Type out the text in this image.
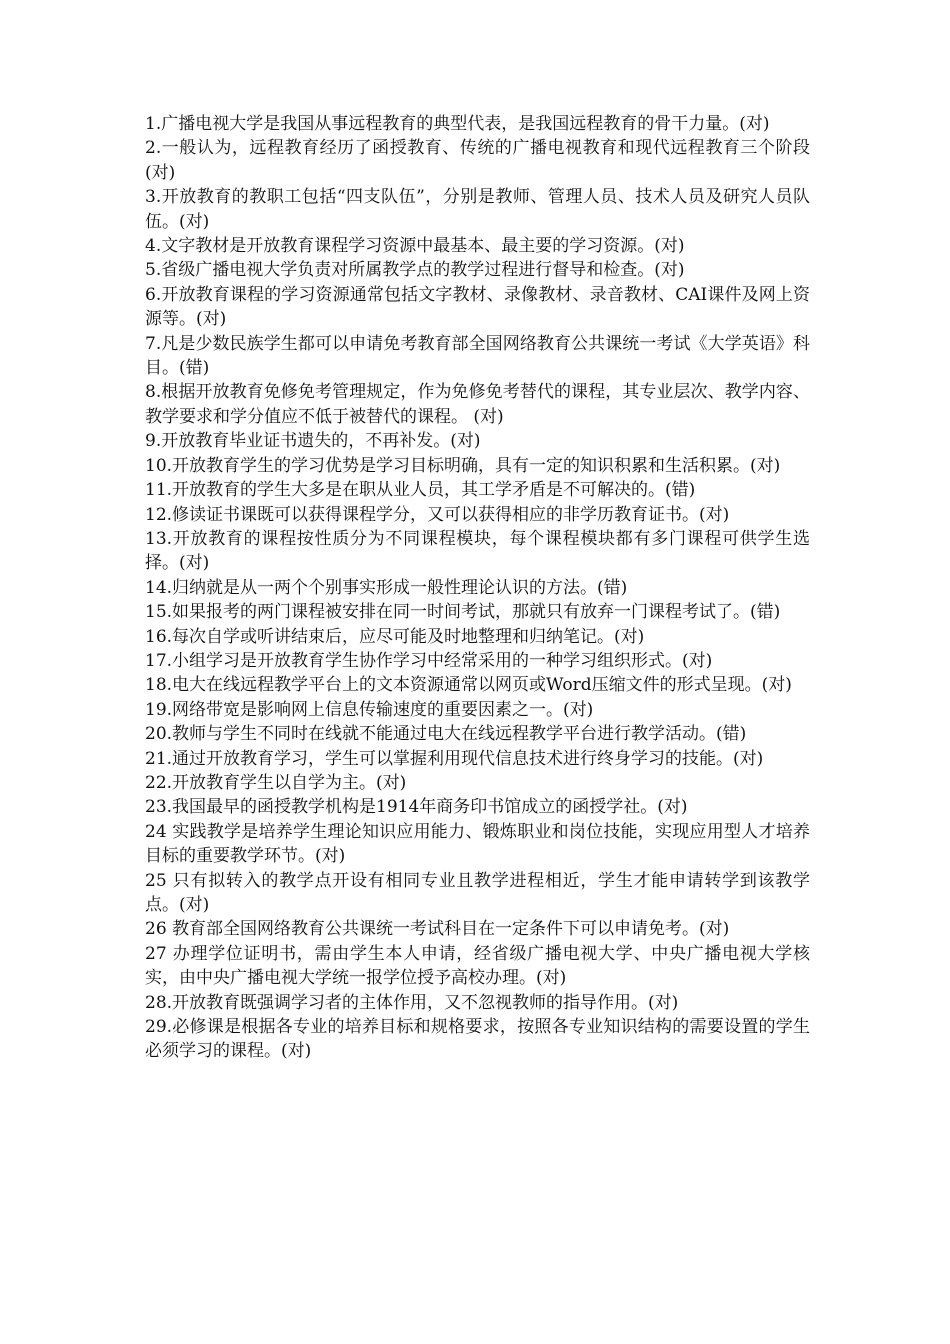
1.广播电视大学是我国从事远程教育的典型代表，是我国远程教育的骨干力量。(对)

2.一般认为，远程教育经历了函授教育、传统的广播电视教育和现代远程教育三个阶段(对)

3.开放教育的教职工包括“四支队伍”，分别是教师、管理人员、技术人员及研究人员队伍。(对)

4.文字教材是开放教育课程学习资源中最基本、最主要的学习资源。(对)

5.省级广播电视大学负责对所属教学点的教学过程进行督导和检查。(对)

6.开放教育课程的学习资源通常包括文字教材、录像教材、录音教材、CAI课件及网上资源等。(对)

7.凡是少数民族学生都可以申请免考教育部全国网络教育公共课统一考试《大学英语》科目。(错)

8.根据开放教育免修免考管理规定，作为免修免考替代的课程，其专业层次、教学内容、教学要求和学分值应不低于被替代的课程。 (对)

9.开放教育毕业证书遗失的，不再补发。(对)

10.开放教育学生的学习优势是学习目标明确，具有一定的知识积累和生活积累。(对)

11.开放教育的学生大多是在职从业人员，其工学矛盾是不可解决的。(错)

12.修读证书课既可以获得课程学分，又可以获得相应的非学历教育证书。(对)

13.开放教育的课程按性质分为不同课程模块，每个课程模块都有多门课程可供学生选择。(对)

14.归纳就是从一两个个别事实形成一般性理论认识的方法。(错)

15.如果报考的两门课程被安排在同一时间考试，那就只有放弃一门课程考试了。(错)

16.每次自学或听讲结束后，应尽可能及时地整理和归纳笔记。(对)

17.小组学习是开放教育学生协作学习中经常采用的一种学习组织形式。(对)

18.电大在线远程教学平台上的文本资源通常以网页或Word压缩文件的形式呈现。(对)

19.网络带宽是影响网上信息传输速度的重要因素之一。(对)

20.教师与学生不同时在线就不能通过电大在线远程教学平台进行教学活动。(错)

21.通过开放教育学习，学生可以掌握利用现代信息技术进行终身学习的技能。(对)

22.开放教育学生以自学为主。(对)

23.我国最早的函授教学机构是1914年商务印书馆成立的函授学社。(对)

24 实践教学是培养学生理论知识应用能力、锻炼职业和岗位技能，实现应用型人才培养目标的重要教学环节。(对)

25 只有拟转入的教学点开设有相同专业且教学进程相近，学生才能申请转学到该教学点。(对)

26 教育部全国网络教育公共课统一考试科目在一定条件下可以申请免考。(对)

27 办理学位证明书，需由学生本人申请，经省级广播电视大学、中央广播电视大学核实，由中央广播电视大学统一报学位授予高校办理。(对)

28.开放教育既强调学习者的主体作用，又不忽视教师的指导作用。(对)

29.必修课是根据各专业的培养目标和规格要求，按照各专业知识结构的需要设置的学生必须学习的课程。(对)
